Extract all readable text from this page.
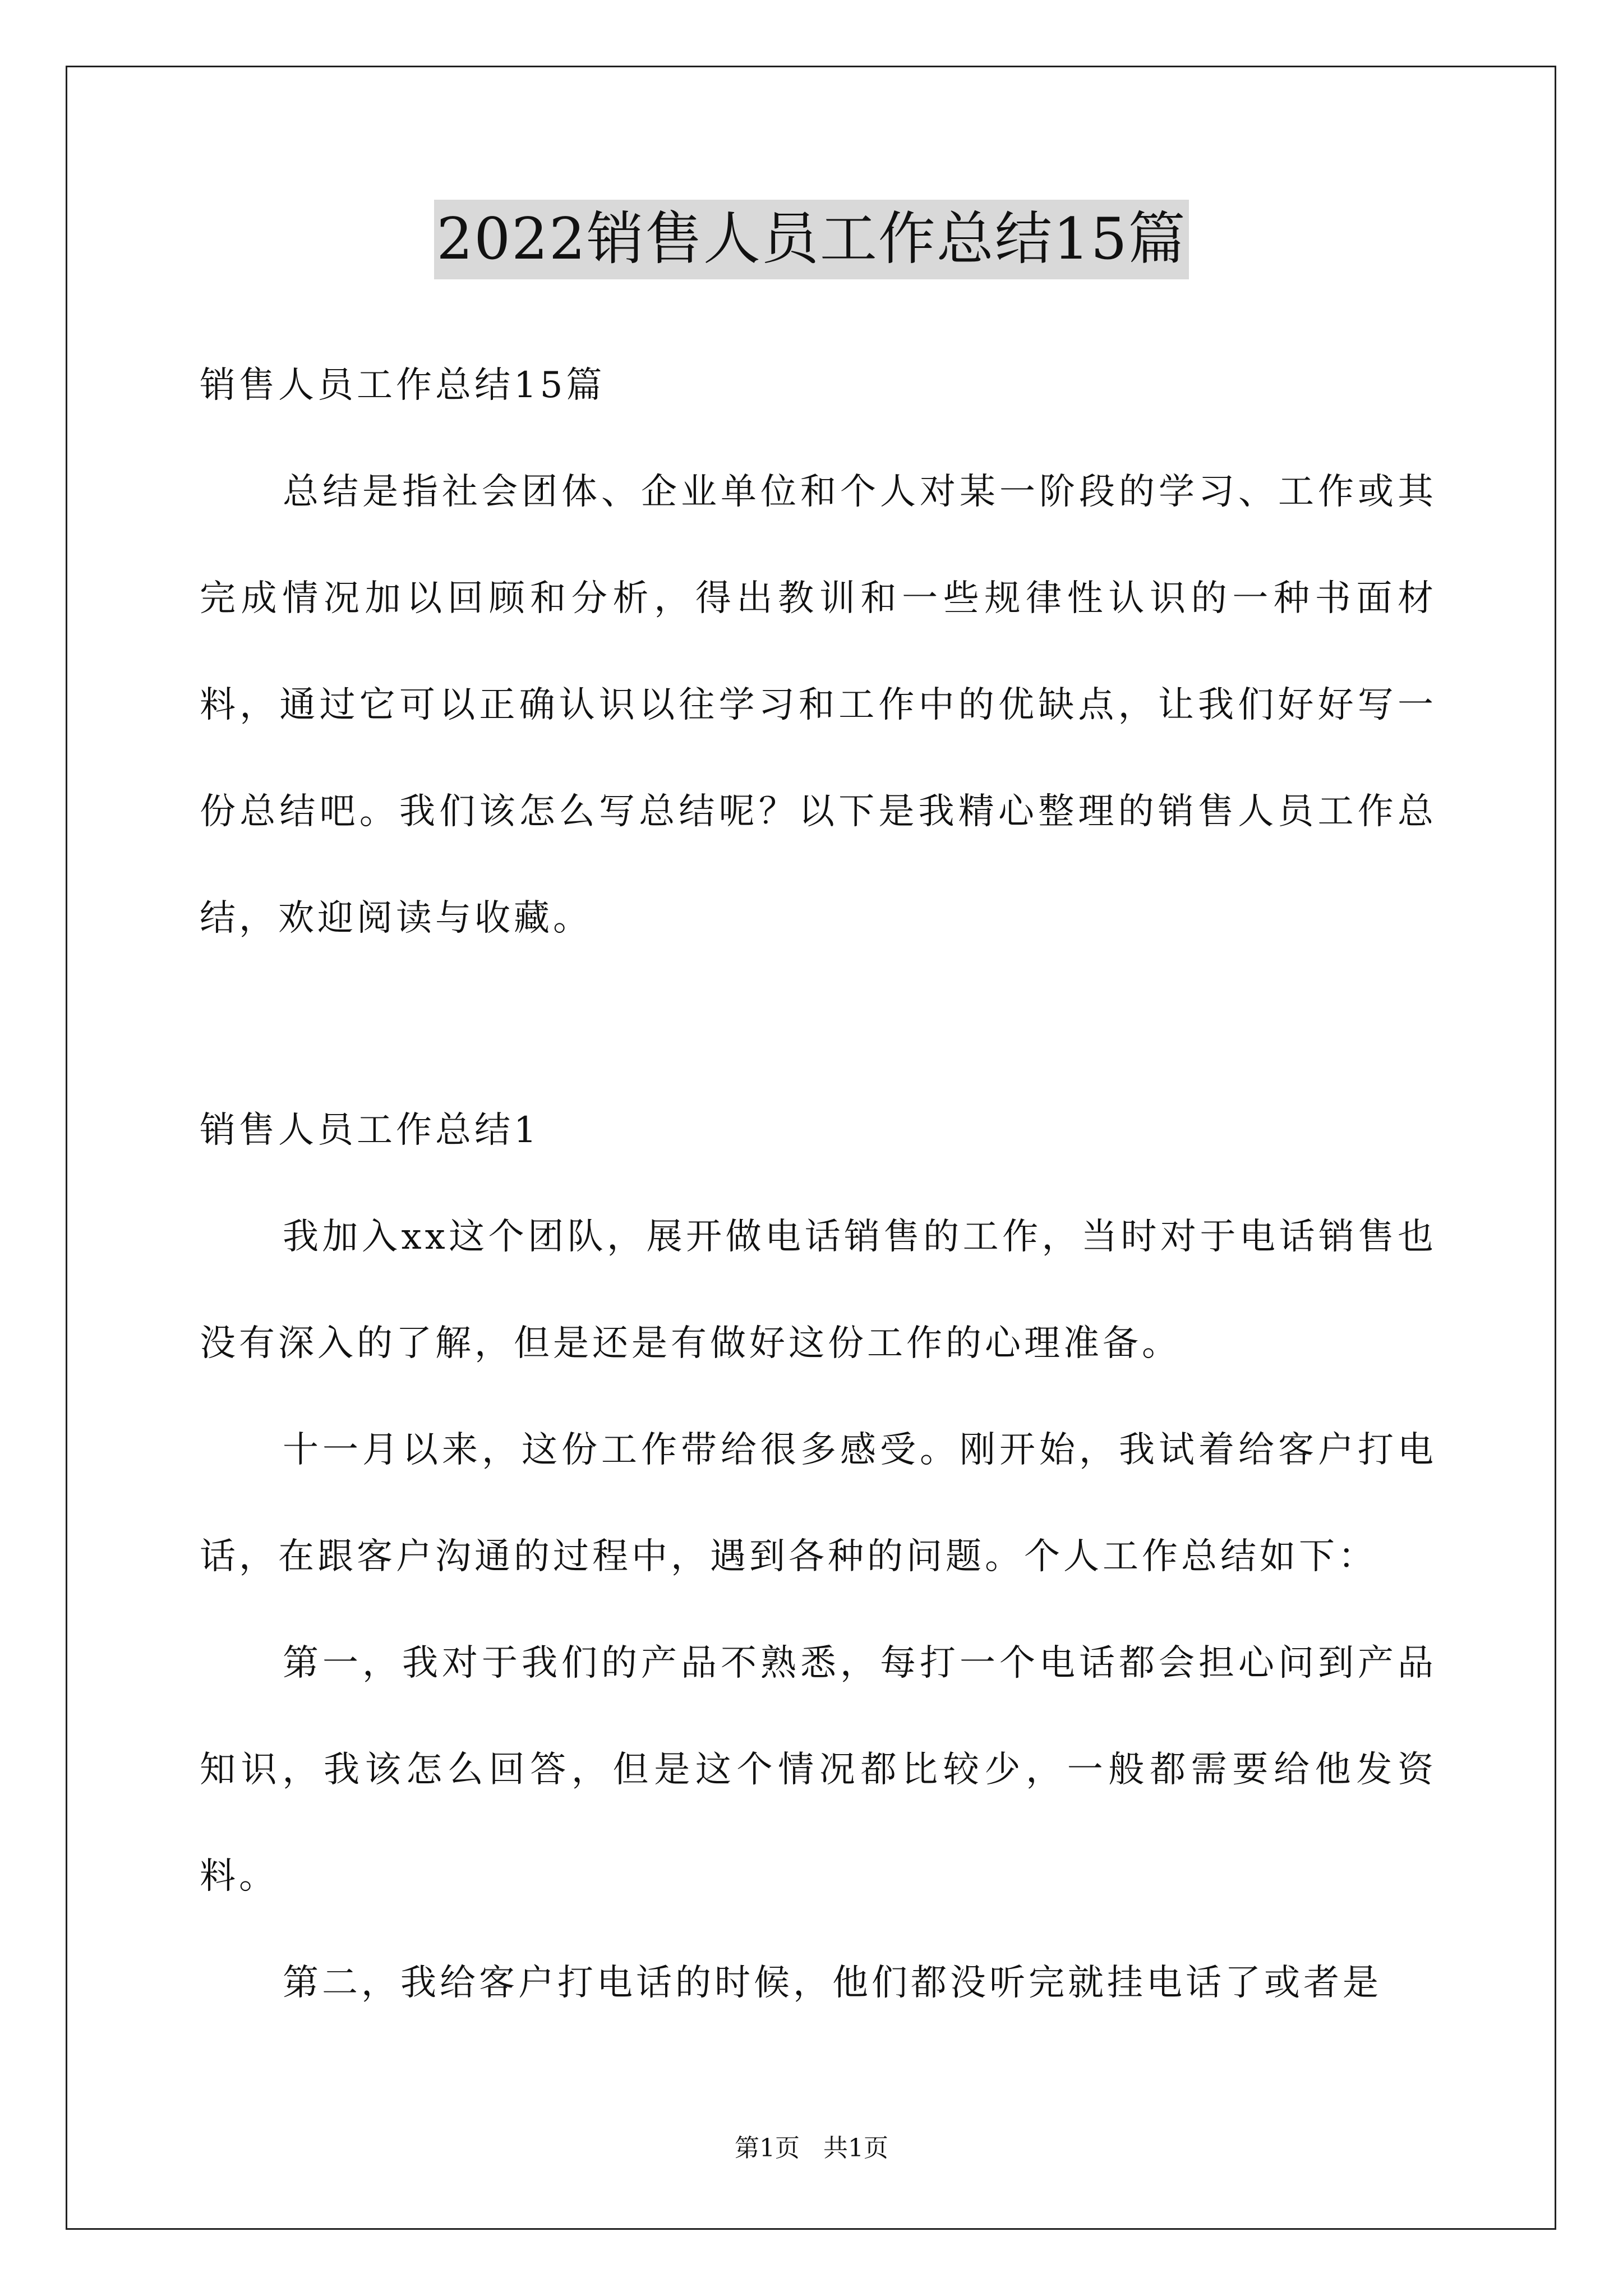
2022销售人员工作总结15篇

销售人员工作总结15篇

总结是指社会团体、企业单位和个人对某一阶段的学习、工作或其完成情况加以回顾和分析，得出教训和一些规律性认识的一种书面材料，通过它可以正确认识以往学习和工作中的优缺点，让我们好好写一份总结吧。我们该怎么写总结呢？以下是我精心整理的销售人员工作总结，欢迎阅读与收藏。

销售人员工作总结1

我加入xx这个团队，展开做电话销售的工作，当时对于电话销售也没有深入的了解，但是还是有做好这份工作的心理准备。

十一月以来，这份工作带给很多感受。刚开始，我试着给客户打电话，在跟客户沟通的过程中，遇到各种的问题。个人工作总结如下：

第一，我对于我们的产品不熟悉，每打一个电话都会担心问到产品知识，我该怎么回答，但是这个情况都比较少，一般都需要给他发资料。

第二，我给客户打电话的时候，他们都没听完就挂电话了或者是

第1页 共1页
